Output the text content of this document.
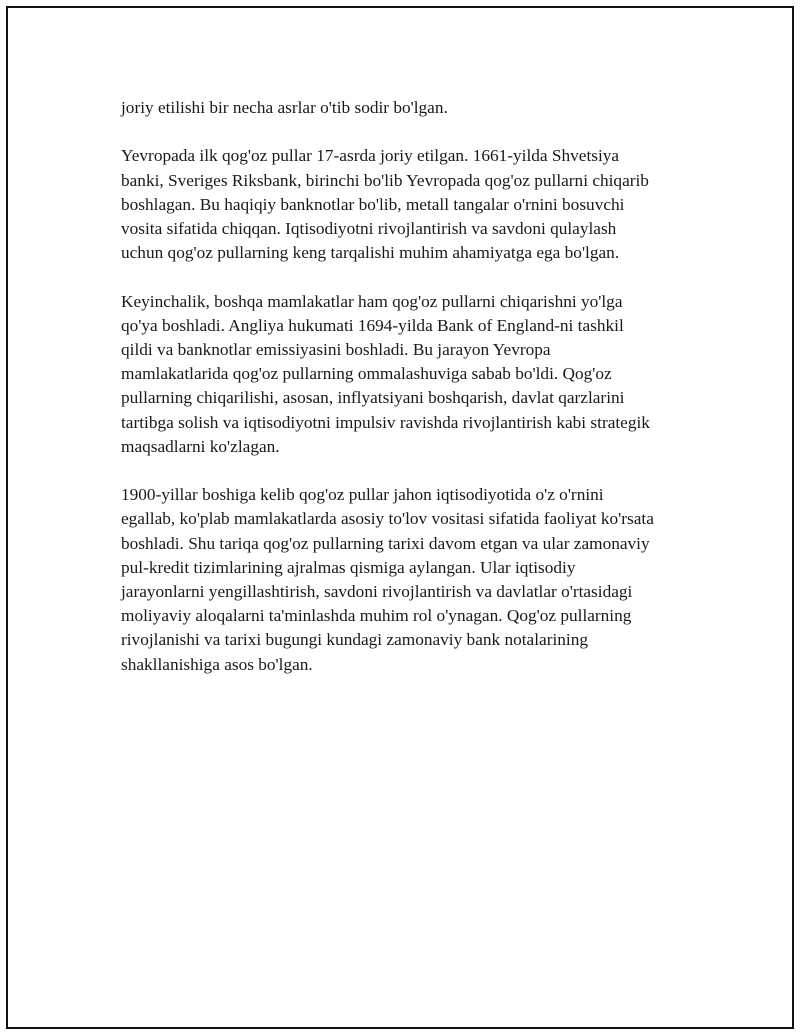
joriy etilishi bir necha asrlar o'tib sodir bo'lgan.

Yevropada ilk qog'oz pullar 17-asrda joriy etilgan. 1661-yilda Shvetsiya
banki, Sveriges Riksbank, birinchi bo'lib Yevropada qog'oz pullarni chiqarib
boshlagan. Bu haqiqiy banknotlar bo'lib, metall tangalar o'rnini bosuvchi
vosita sifatida chiqqan. Iqtisodiyotni rivojlantirish va savdoni qulaylash
uchun qog'oz pullarning keng tarqalishi muhim ahamiyatga ega bo'lgan.

Keyinchalik, boshqa mamlakatlar ham qog'oz pullarni chiqarishni yo'lga
qo'ya boshladi. Angliya hukumati 1694-yilda Bank of England-ni tashkil
qildi va banknotlar emissiyasini boshladi. Bu jarayon Yevropa
mamlakatlarida qog'oz pullarning ommalashuviga sabab bo'ldi. Qog'oz
pullarning chiqarilishi, asosan, inflyatsiyani boshqarish, davlat qarzlarini
tartibga solish va iqtisodiyotni impulsiv ravishda rivojlantirish kabi strategik
maqsadlarni ko'zlagan.

1900-yillar boshiga kelib qog'oz pullar jahon iqtisodiyotida o'z o'rnini
egallab, ko'plab mamlakatlarda asosiy to'lov vositasi sifatida faoliyat ko'rsata
boshladi. Shu tariqa qog'oz pullarning tarixi davom etgan va ular zamonaviy
pul-kredit tizimlarining ajralmas qismiga aylangan. Ular iqtisodiy
jarayonlarni yengillashtirish, savdoni rivojlantirish va davlatlar o'rtasidagi
moliyaviy aloqalarni ta'minlashda muhim rol o'ynagan. Qog'oz pullarning
rivojlanishi va tarixi bugungi kundagi zamonaviy bank notalarining
shakllanishiga asos bo'lgan.
